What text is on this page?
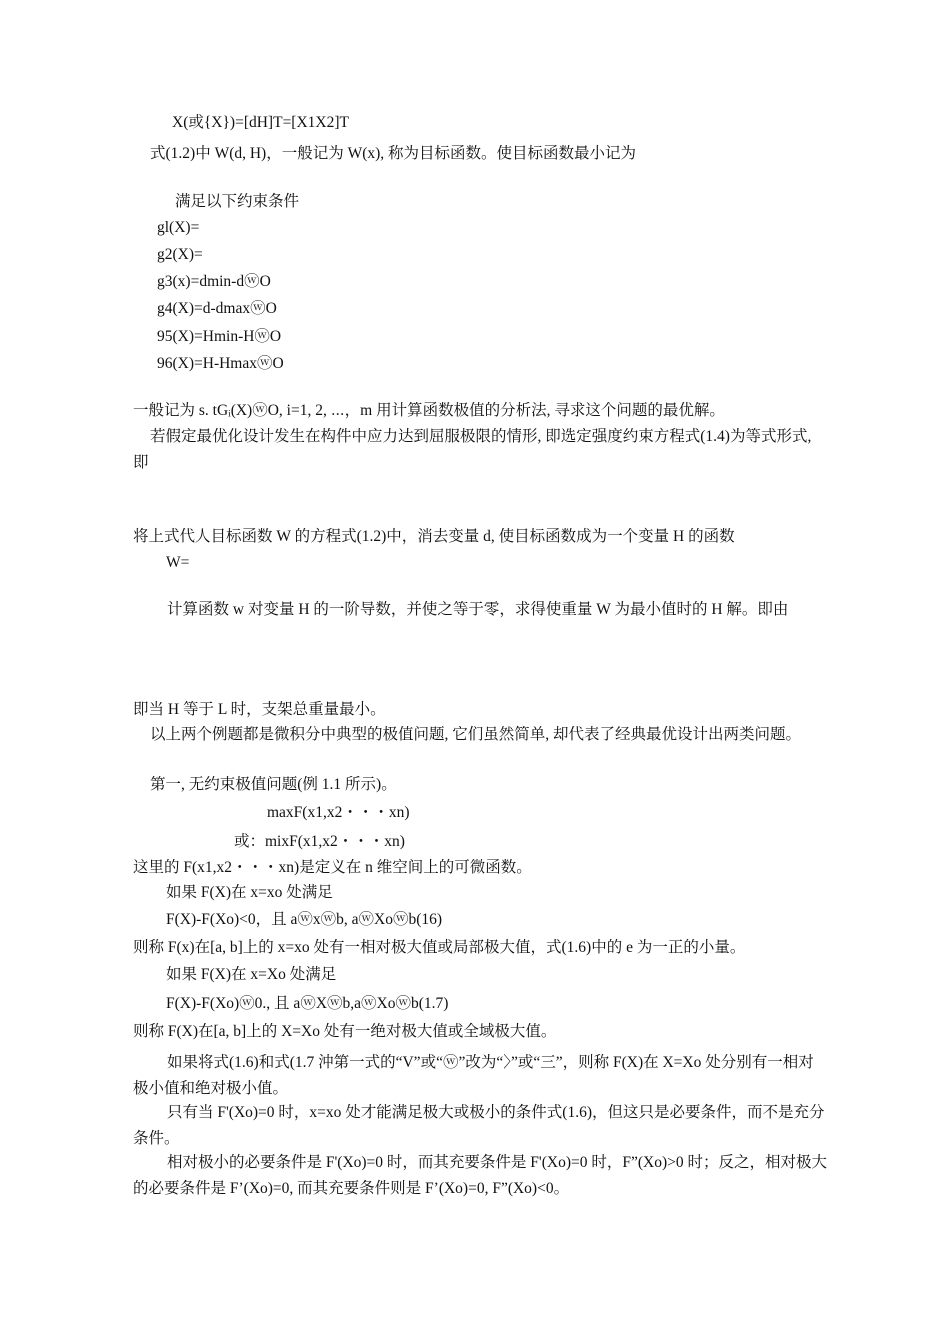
X(或{X})=[dH]T=[X1X2]T
式(1.2)中 W(d, H)，一般记为 W(x), 称为目标函数。使目标函数最小记为
满足以下约束条件
gl(X)=
g2(X)=
g3(x)=dmin-dⓦO
g4(X)=d-dmaxⓦO
95(X)=Hmin-HⓦO
96(X)=H-HmaxⓦO
一般记为 s. tGᵢ(X)ⓦO, i=1, 2, ⋯，m 用计算函数极值的分析法, 寻求这个问题的最优解。
若假定最优化设计发生在构件中应力达到屈服极限的情形, 即选定强度约束方程式(1.4)为等式形式, 即
将上式代人目标函数 W 的方程式(1.2)中，消去变量 d, 使目标函数成为一个变量 H 的函数
W=
计算函数 w 对变量 H 的一阶导数，并使之等于零，求得使重量 W 为最小值时的 H 解。即由
即当 H 等于 L 时，支架总重量最小。
以上两个例题都是微积分中典型的极值问题, 它们虽然简单, 却代表了经典最优设计出两类问题。
第一, 无约束极值问题(例 1.1 所示)。
maxF(x1,x2・・・xn)
或：mixF(x1,x2・・・xn)
这里的 F(x1,x2・・・xn)是定义在 n 维空间上的可微函数。
如果 F(X)在 x=xo 处满足
F(X)-F(Xo)<0，且 aⓦxⓦb, aⓦXoⓦb(16)
则称 F(x)在[a, b]上的 x=xo 处有一相对极大值或局部极大值，式(1.6)中的 e 为一正的小量。
如果 F(X)在 x=Xo 处满足
F(X)-F(Xo)ⓦ0., 且 aⓦXⓦb,aⓦXoⓦb(1.7)
则称 F(X)在[a, b]上的 X=Xo 处有一绝对极大值或全域极大值。
如果将式(1.6)和式(1.7 沖第一式的“V”或“ⓦ”改为“〉”或“三”，则称 F(X)在 X=Xo 处分别有一相对极小值和绝对极小值。
只有当 F'(Xo)=0 时，x=xo 处才能满足极大或极小的条件式(1.6)，但这只是必要条件，而不是充分条件。
相对极小的必要条件是 F'(Xo)=0 时，而其充要条件是 F'(Xo)=0 时，F”(Xo)>0 时；反之，相对极大的必要条件是 F’(Xo)=0, 而其充要条件则是 F’(Xo)=0, F”(Xo)<0。
